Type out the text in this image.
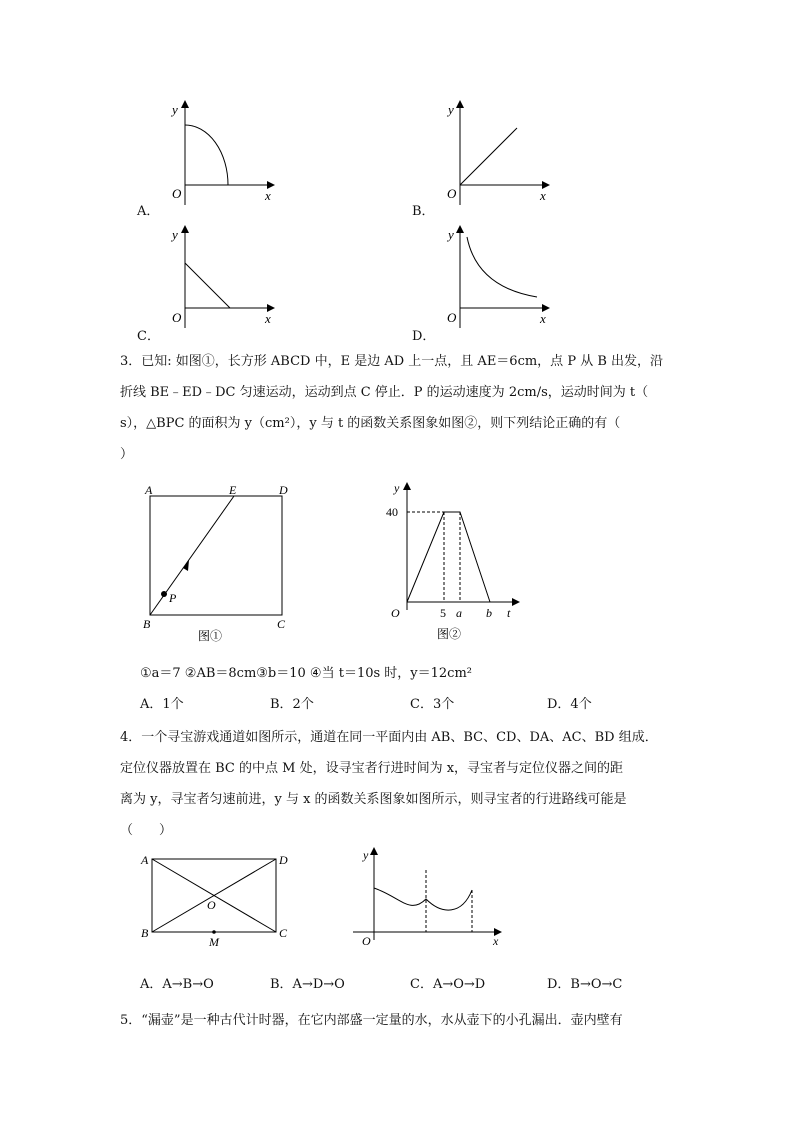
A．
y
O	x
B．
y
O	x
C．
y
O	x
D．
y
O	x
3．已知: 如图①，长方形 ABCD 中，E 是边 AD 上一点，且 AE＝6cm，点 P 从 B 出发，沿
折线 BE﹣ED﹣DC 匀速运动，运动到点 C 停止．P 的运动速度为 2cm/s，运动时间为 t（
s），△BPC 的面积为 y（cm²），y 与 t 的函数关系图象如图②，则下列结论正确的有（
）
A	E	D
P
B	C
图①
y
40
O	5 a b t
图②
①a＝7 ②AB＝8cm③b＝10 ④当 t＝10s 时，y＝12cm²
A．1个	B．2个	C．3个	D．4个
4．一个寻宝游戏通道如图所示，通道在同一平面内由 AB、BC、CD、DA、AC、BD 组成．
定位仪器放置在 BC 的中点 M 处，设寻宝者行进时间为 x，寻宝者与定位仪器之间的距
离为 y，寻宝者匀速前进，y 与 x 的函数关系图象如图所示，则寻宝者的行进路线可能是
（　　）
A	D
O
B
M
C
y
O	x
A．A→B→O	B．A→D→O	C．A→O→D	D．B→O→C
5．“漏壶”是一种古代计时器，在它内部盛一定量的水，水从壶下的小孔漏出．壶内壁有
